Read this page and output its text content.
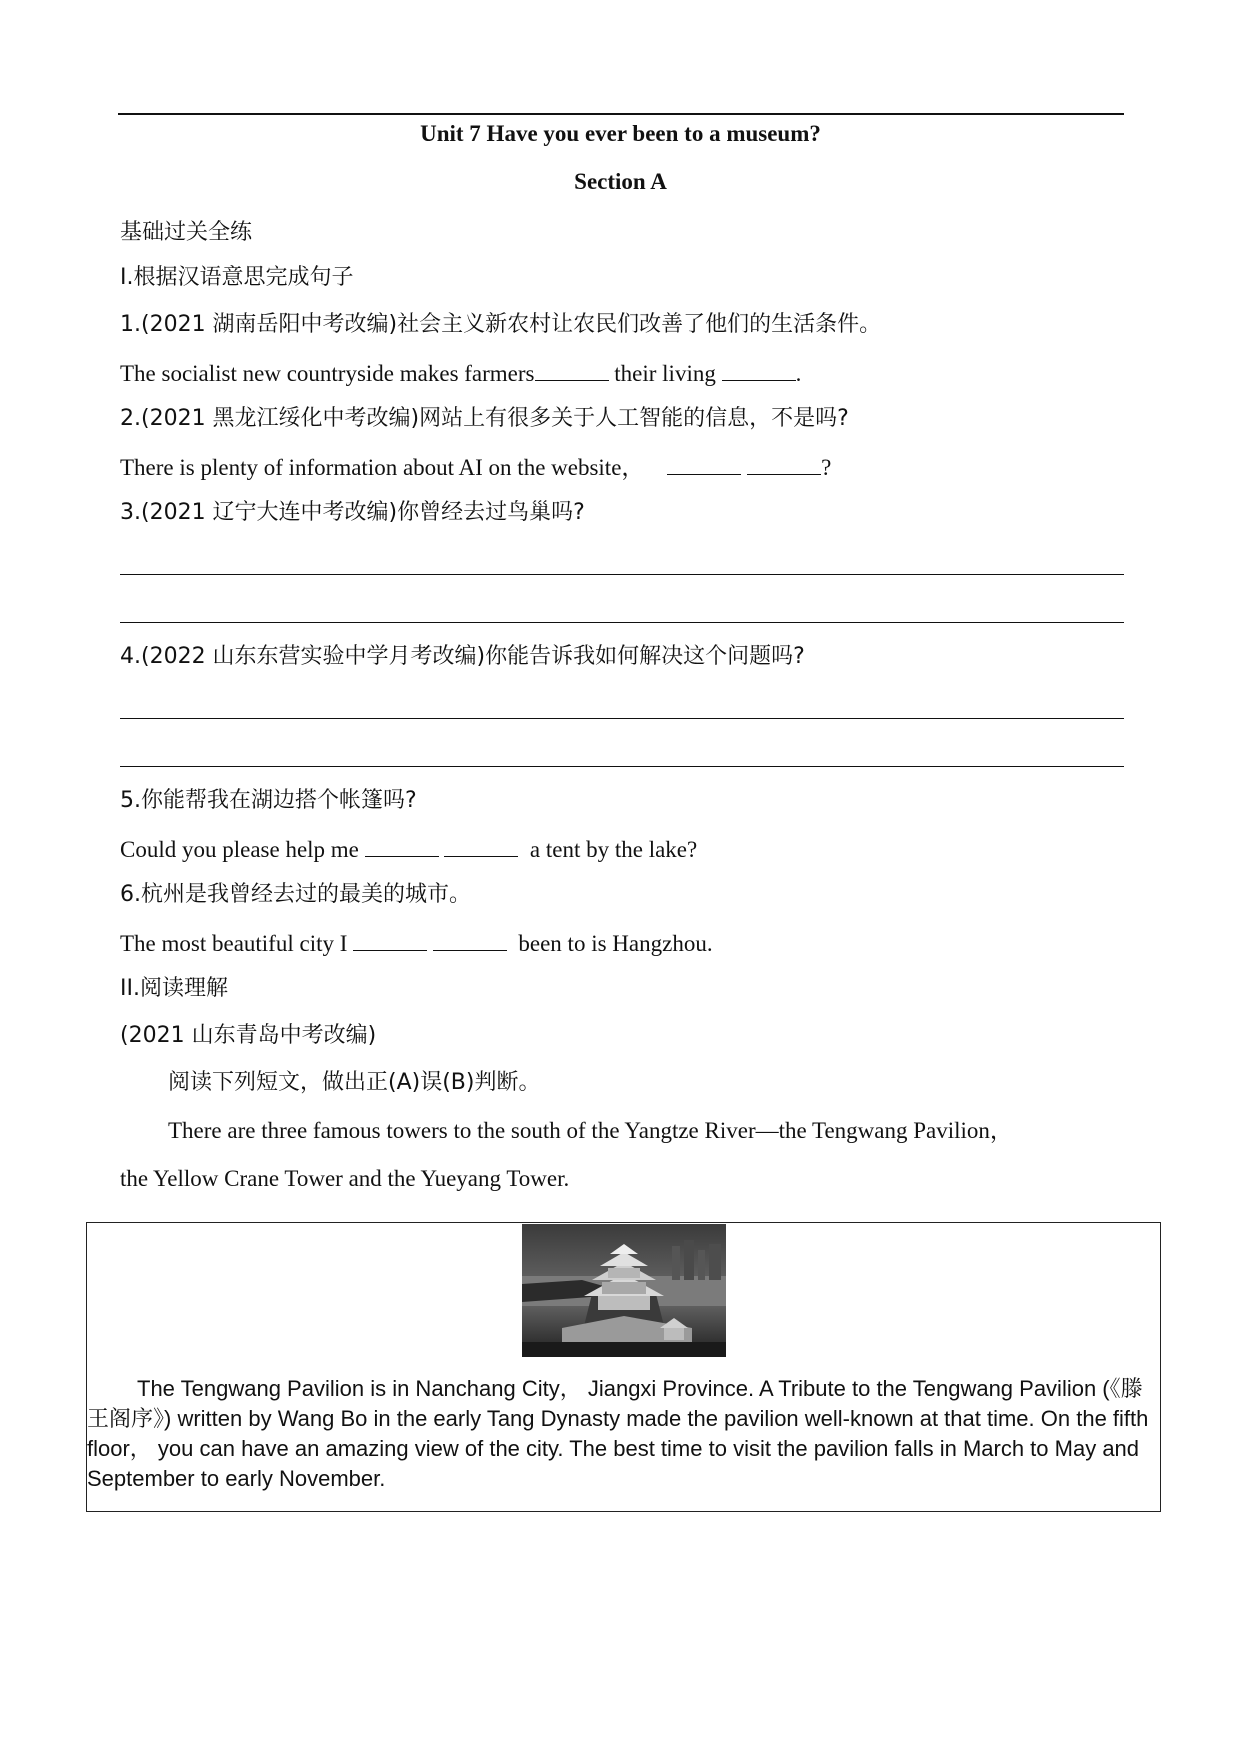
Unit 7 Have you ever been to a museum?
Section A
基础过关全练
I.根据汉语意思完成句子
1.(2021 湖南岳阳中考改编)社会主义新农村让农民们改善了他们的生活条件。
The socialist new countryside makes farmers	their living	.
2.(2021 黑龙江绥化中考改编)网站上有很多关于人工智能的信息，不是吗?
There is plenty of information about AI on the website，	?
3.(2021 辽宁大连中考改编)你曾经去过鸟巢吗?
4.(2022 山东东营实验中学月考改编)你能告诉我如何解决这个问题吗?
5.你能帮我在湖边搭个帐篷吗?
Could you please help me	a tent by the lake?
6.杭州是我曾经去过的最美的城市。
The most beautiful city I	been to is Hangzhou.
II.阅读理解
(2021 山东青岛中考改编)
阅读下列短文，做出正(A)误(B)判断。
There are three famous towers to the south of the Yangtze River—the Tengwang Pavilion，
the Yellow Crane Tower and the Yueyang Tower.
The Tengwang Pavilion is in Nanchang City， Jiangxi Province. A Tribute to the Tengwang Pavilion (《滕王阁序》) written by Wang Bo in the early Tang Dynasty made the pavilion well-known at that time. On the fifth floor， you can have an amazing view of the city. The best time to visit the pavilion falls in March to May and September to early November.
